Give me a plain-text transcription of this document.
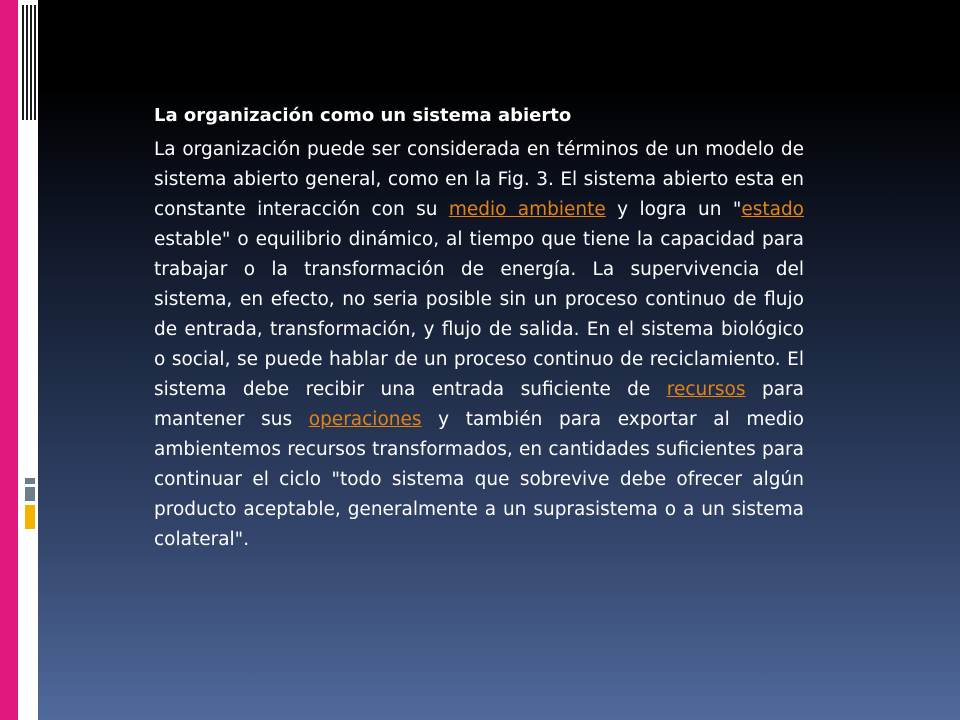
La organización como un sistema abierto

La organización puede ser considerada en términos de un modelo de sistema abierto general, como en la Fig. 3. El sistema abierto esta en constante interacción con su medio ambiente y logra un "estado estable" o equilibrio dinámico, al tiempo que tiene la capacidad para trabajar o la transformación de energía. La supervivencia del sistema, en efecto, no seria posible sin un proceso continuo de flujo de entrada, transformación, y flujo de salida. En el sistema biológico o social, se puede hablar de un proceso continuo de reciclamiento. El sistema debe recibir una entrada suficiente de recursos para mantener sus operaciones y también para exportar al medio ambientemos recursos transformados, en cantidades suficientes para continuar el ciclo "todo sistema que sobrevive debe ofrecer algún producto aceptable, generalmente a un suprasistema o a un sistema colateral".
